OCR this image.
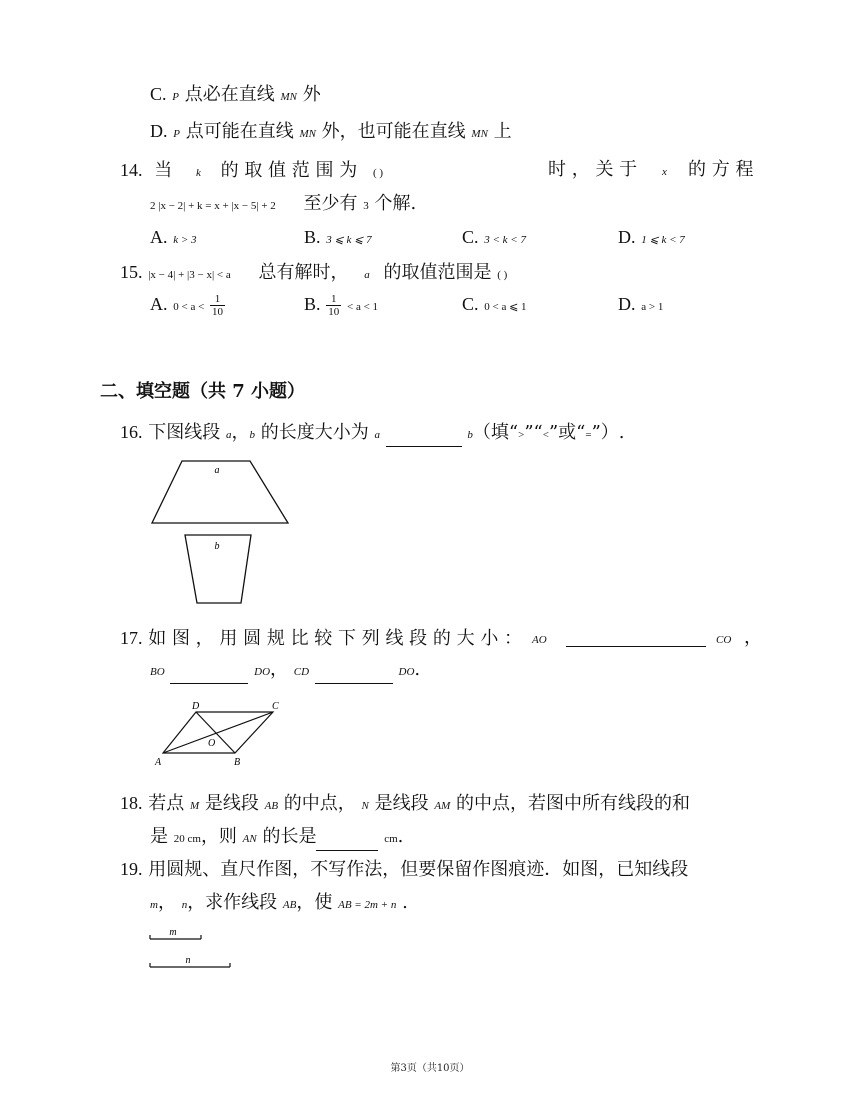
C. P 点必在直线 MN 外
D. P 点可能在直线 MN 外，也可能在直线 MN 上
14. 当 k 的 取 值 范 围 为 ( )	时 ， 关 于 x 的 方 程
2 |x − 2| + k = x + |x − 5| + 2 至少有 3 个解.
A. k > 3	B. 3 ⩽ k ⩽ 7	C. 3 < k < 7	D. 1 ⩽ k < 7
15. |x − 4| + |3 − x| < a 总有解时， a 的取值范围是 ( )
A. $0 < a < \frac{1}{10}$	B. $\frac{1}{10} < a < 1$	C. 0 < a ⩽ 1	D. a > 1
二、填空题（共 7 小题）
16. 下图线段 a，b 的长度大小为 a	b（填“>”“<”或“=”）.
a
b
17. 如 图 ， 用 圆 规 比 较 下 列 线 段 的 大 小 ： AO	CO ，
BO	DO， CD	DO.
A	B
C
D
O
18. 若点 M 是线段 AB 的中点， N 是线段 AM 的中点，若图中所有线段的和
是 20 cm，则 AN 的长是	cm.
19. 用圆规、直尺作图，不写作法，但要保留作图痕迹．如图，已知线段
m， n，求作线段 AB，使 AB = 2m + n .
m
n
第3页（共10页）
